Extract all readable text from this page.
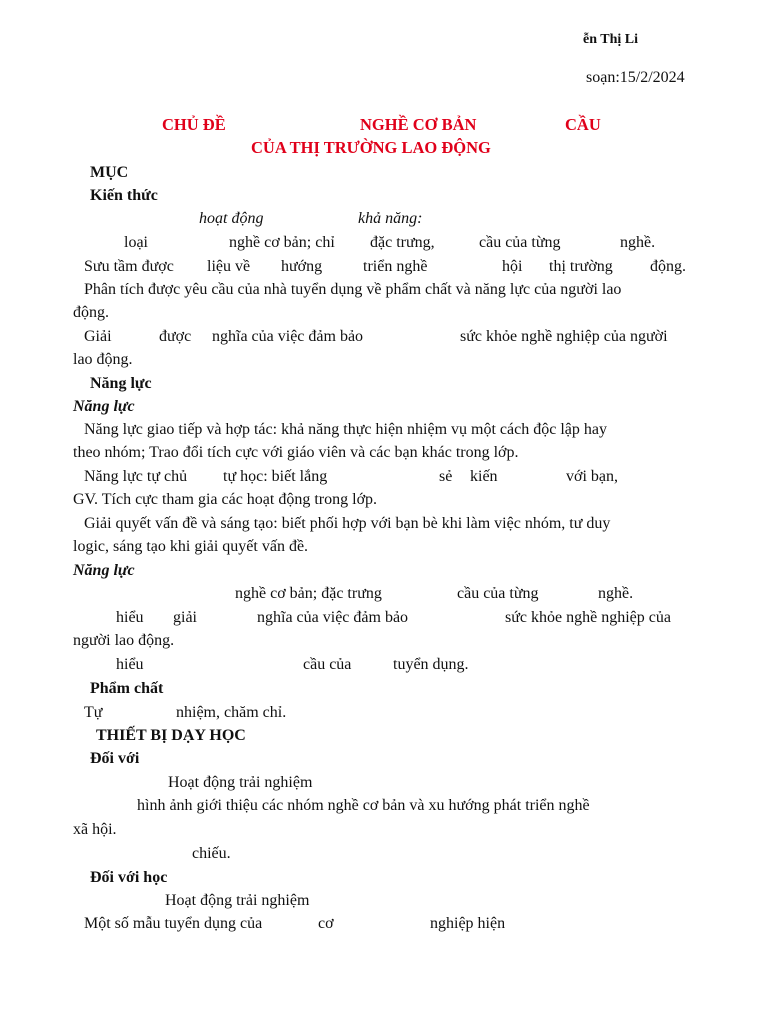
ễn Thị Li
soạn:15/2/2024
CHỦ ĐỀ	NGHỀ CƠ BẢN	CẦU
CỦA THỊ TRƯỜNG LAO ĐỘNG
MỤC
Kiến thức
hoạt động	khả năng:
loại	nghề cơ bản; chỉ đặc trưng,	cầu của từng	nghề.
Sưu tầm được liệu về hướng	triển nghề	hội thị trường động.
Phân tích được yêu cầu của nhà tuyển dụng về phẩm chất và năng lực của người lao
động.
Giải	được nghĩa của việc đảm bảo	sức khỏe nghề nghiệp của người
lao động.
Năng lực
Năng lực
Năng lực giao tiếp và hợp tác: khả năng thực hiện nhiệm vụ một cách độc lập hay
theo nhóm; Trao đổi tích cực với giáo viên và các bạn khác trong lớp.
Năng lực tự chủ tự học: biết lắng	sẻ kiến	với bạn,
GV. Tích cực tham gia các hoạt động trong lớp.
Giải quyết vấn đề và sáng tạo: biết phối hợp với bạn bè khi làm việc nhóm, tư duy
logic, sáng tạo khi giải quyết vấn đề.
Năng lực
nghề cơ bản; đặc trưng	cầu của từng	nghề.
hiểu giải	nghĩa của việc đảm bảo	sức khỏe nghề nghiệp của
người lao động.
hiểu	cầu của	tuyển dụng.
Phẩm chất
Tự	nhiệm, chăm chỉ.
THIẾT BỊ DẠY HỌC
Đối với
Hoạt động trải nghiệm
hình ảnh giới thiệu các nhóm nghề cơ bản và xu hướng phát triển nghề
xã hội.
chiếu.
Đối với học
Hoạt động trải nghiệm
Một số mẫu tuyển dụng của	cơ	nghiệp hiện
